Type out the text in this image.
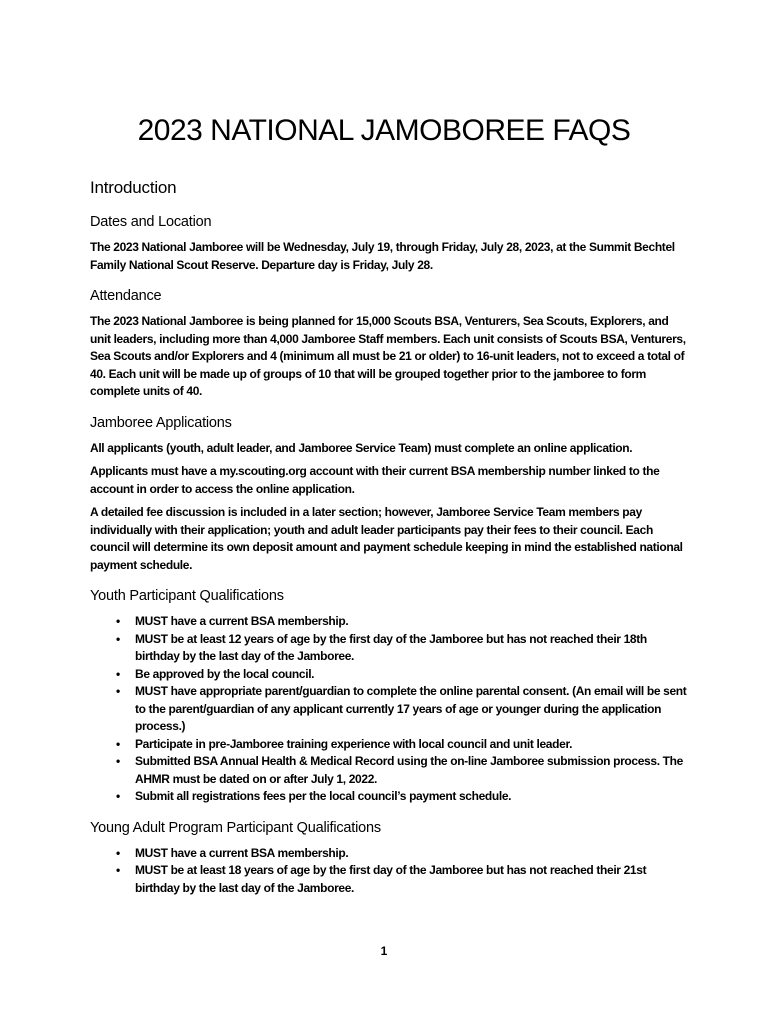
2023 NATIONAL JAMOBOREE FAQS
Introduction
Dates and Location

The 2023 National Jamboree will be Wednesday, July 19, through Friday, July 28, 2023, at the Summit Bechtel Family National Scout Reserve. Departure day is Friday, July 28.

Attendance

The 2023 National Jamboree is being planned for 15,000 Scouts BSA, Venturers, Sea Scouts, Explorers, and unit leaders, including more than 4,000 Jamboree Staff members. Each unit consists of Scouts BSA, Venturers, Sea Scouts and/or Explorers and 4 (minimum all must be 21 or older) to 16-unit leaders, not to exceed a total of 40. Each unit will be made up of groups of 10 that will be grouped together prior to the jamboree to form complete units of 40.

Jamboree Applications

All applicants (youth, adult leader, and Jamboree Service Team) must complete an online application.

Applicants must have a my.scouting.org account with their current BSA membership number linked to the account in order to access the online application.

A detailed fee discussion is included in a later section; however, Jamboree Service Team members pay individually with their application; youth and adult leader participants pay their fees to their council. Each council will determine its own deposit amount and payment schedule keeping in mind the established national payment schedule.

Youth Participant Qualifications
• MUST have a current BSA membership.
• MUST be at least 12 years of age by the first day of the Jamboree but has not reached their 18th birthday by the last day of the Jamboree.
• Be approved by the local council.
• MUST have appropriate parent/guardian to complete the online parental consent. (An email will be sent to the parent/guardian of any applicant currently 17 years of age or younger during the application process.)
• Participate in pre-Jamboree training experience with local council and unit leader.
• Submitted BSA Annual Health & Medical Record using the on-line Jamboree submission process. The AHMR must be dated on or after July 1, 2022.
• Submit all registrations fees per the local council’s payment schedule.
Young Adult Program Participant Qualifications
• MUST have a current BSA membership.
• MUST be at least 18 years of age by the first day of the Jamboree but has not reached their 21st birthday by the last day of the Jamboree.
1
